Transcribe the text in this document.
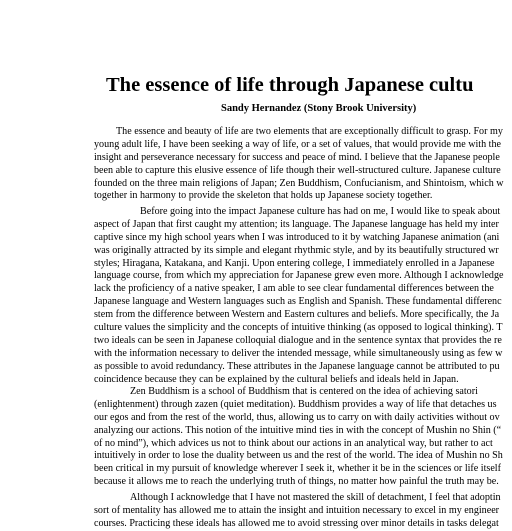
The essence of life through Japanese cultu
Sandy Hernandez (Stony Brook University)
The essence and beauty of life are two elements that are exceptionally difficult to grasp. For my
young adult life, I have been seeking a way of life, or a set of values, that would provide me with the
insight and perseverance necessary for success and peace of mind. I believe that the Japanese people
been able to capture this elusive essence of life though their well-structured culture. Japanese culture
founded on the three main religions of Japan; Zen Buddhism, Confucianism, and Shintoism, which w
together in harmony to provide the skeleton that holds up Japanese society together.
Before going into the impact Japanese culture has had on me, I would like to speak about
aspect of Japan that first caught my attention; its language. The Japanese language has held my inter
captive since my high school years when I was introduced to it by watching Japanese animation (ani
was originally attracted by its simple and elegant rhythmic style, and by its beautifully structured wr
styles; Hiragana, Katakana, and Kanji. Upon entering college, I immediately enrolled in a Japanese
language course, from which my appreciation for Japanese grew even more. Although I acknowledge
lack the proficiency of a native speaker, I am able to see clear fundamental differences between the
Japanese language and Western languages such as English and Spanish. These fundamental differenc
stem from the difference between Western and Eastern cultures and beliefs. More specifically, the Ja
culture values the simplicity and the concepts of intuitive thinking (as opposed to logical thinking). T
two ideals can be seen in Japanese colloquial dialogue and in the sentence syntax that provides the re
with the information necessary to deliver the intended message, while simultaneously using as few w
as possible to avoid redundancy. These attributes in the Japanese language cannot be attributed to pu
coincidence because they can be explained by the cultural beliefs and ideals held in Japan.
Zen Buddhism is a school of Buddhism that is centered on the idea of achieving satori
(enlightenment) through zazen (quiet meditation). Buddhism provides a way of life that detaches us
our egos and from the rest of the world, thus, allowing us to carry on with daily activities without ov
analyzing our actions. This notion of the intuitive mind ties in with the concept of Mushin no Shin (“
of no mind”), which advices us not to think about our actions in an analytical way, but rather to act
intuitively in order to lose the duality between us and the rest of the world. The idea of Mushin no Sh
been critical in my pursuit of knowledge wherever I seek it, whether it be in the sciences or life itself
because it allows me to reach the underlying truth of things, no matter how painful the truth may be.
Although I acknowledge that I have not mastered the skill of detachment, I feel that adoptin
sort of mentality has allowed me to attain the insight and intuition necessary to excel in my engineer
courses. Practicing these ideals has allowed me to avoid stressing over minor details in tasks delegat
